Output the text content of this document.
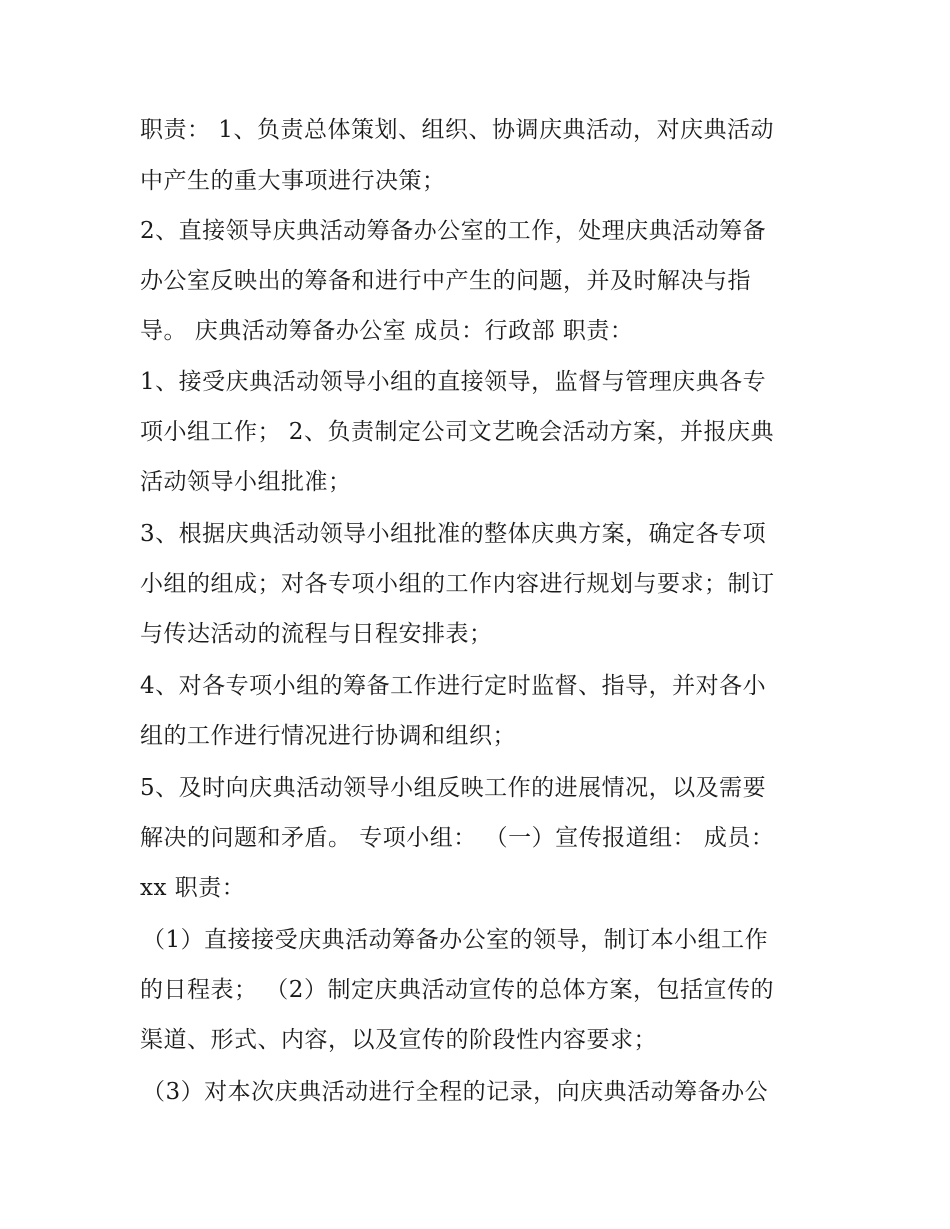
职责： 1、负责总体策划、组织、协调庆典活动，对庆典活动
中产生的重大事项进行决策；
2、直接领导庆典活动筹备办公室的工作，处理庆典活动筹备
办公室反映出的筹备和进行中产生的问题，并及时解决与指
导。 庆典活动筹备办公室 成员：行政部 职责：
1、接受庆典活动领导小组的直接领导，监督与管理庆典各专
项小组工作； 2、负责制定公司文艺晚会活动方案，并报庆典
活动领导小组批准；
3、根据庆典活动领导小组批准的整体庆典方案，确定各专项
小组的组成；对各专项小组的工作内容进行规划与要求；制订
与传达活动的流程与日程安排表；
4、对各专项小组的筹备工作进行定时监督、指导，并对各小
组的工作进行情况进行协调和组织；
5、及时向庆典活动领导小组反映工作的进展情况，以及需要
解决的问题和矛盾。 专项小组： （一）宣传报道组： 成员：
xx 职责：
（1）直接接受庆典活动筹备办公室的领导，制订本小组工作
的日程表； （2）制定庆典活动宣传的总体方案，包括宣传的
渠道、形式、内容，以及宣传的阶段性内容要求；
（3）对本次庆典活动进行全程的记录，向庆典活动筹备办公
